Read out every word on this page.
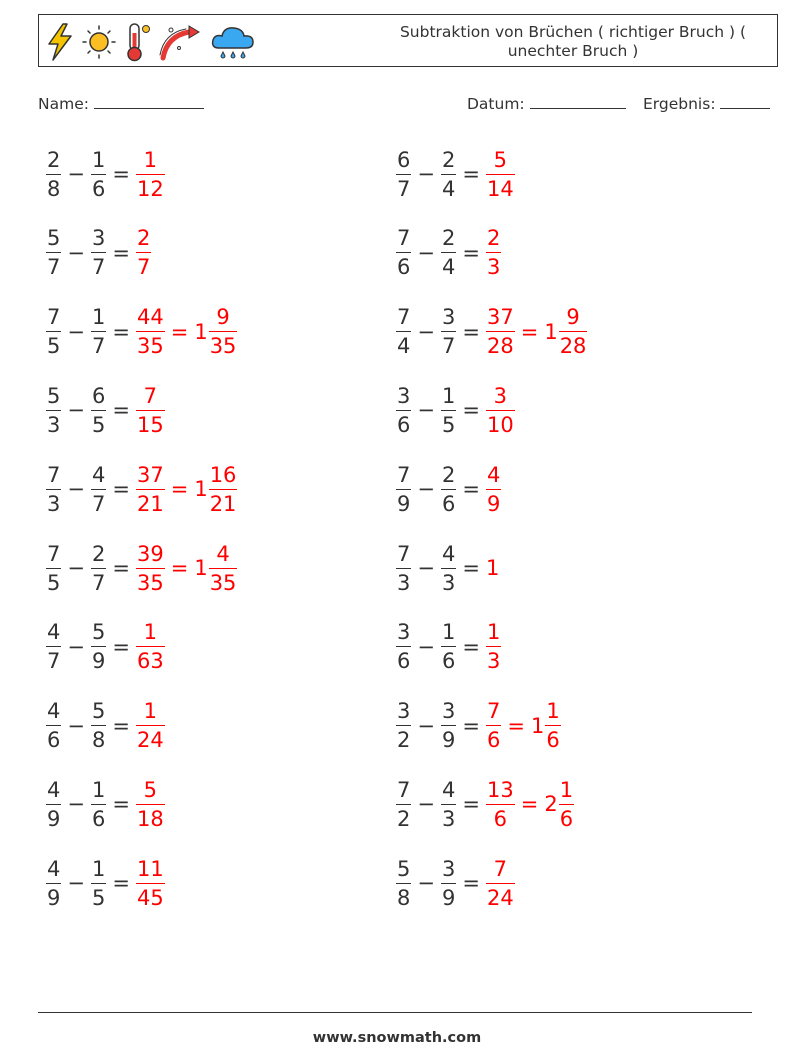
Subtraktion von Brüchen ( richtiger Bruch ) ( unechter Bruch )
Name:	Datum:	Ergebnis:
$\frac{2}{8} - \frac{1}{6} = \frac{1}{12}$	$\frac{6}{7} - \frac{2}{4} = \frac{5}{14}$
$\frac{5}{7} - \frac{3}{7} = \frac{2}{7}$	$\frac{7}{6} - \frac{2}{4} = \frac{2}{3}$
$\frac{7}{5} - \frac{1}{7} = \frac{44}{35} = 1 \frac{9}{35}$	$\frac{7}{4} - \frac{3}{7} = \frac{37}{28} = 1 \frac{9}{28}$
$\frac{5}{3} - \frac{6}{5} = \frac{7}{15}$	$\frac{3}{6} - \frac{1}{5} = \frac{3}{10}$
$\frac{7}{3} - \frac{4}{7} = \frac{37}{21} = 1 \frac{16}{21}$	$\frac{7}{9} - \frac{2}{6} = \frac{4}{9}$
$\frac{7}{5} - \frac{2}{7} = \frac{39}{35} = 1 \frac{4}{35}$	$\frac{7}{3} - \frac{4}{3} = 1$
$\frac{4}{7} - \frac{5}{9} = \frac{1}{63}$	$\frac{3}{6} - \frac{1}{6} = \frac{1}{3}$
$\frac{4}{6} - \frac{5}{8} = \frac{1}{24}$	$\frac{3}{2} - \frac{3}{9} = \frac{7}{6} = 1 \frac{1}{6}$
$\frac{4}{9} - \frac{1}{6} = \frac{5}{18}$	$\frac{7}{2} - \frac{4}{3} = \frac{13}{6} = 2 \frac{1}{6}$
$\frac{4}{9} - \frac{1}{5} = \frac{11}{45}$	$\frac{5}{8} - \frac{3}{9} = \frac{7}{24}$
www.snowmath.com
